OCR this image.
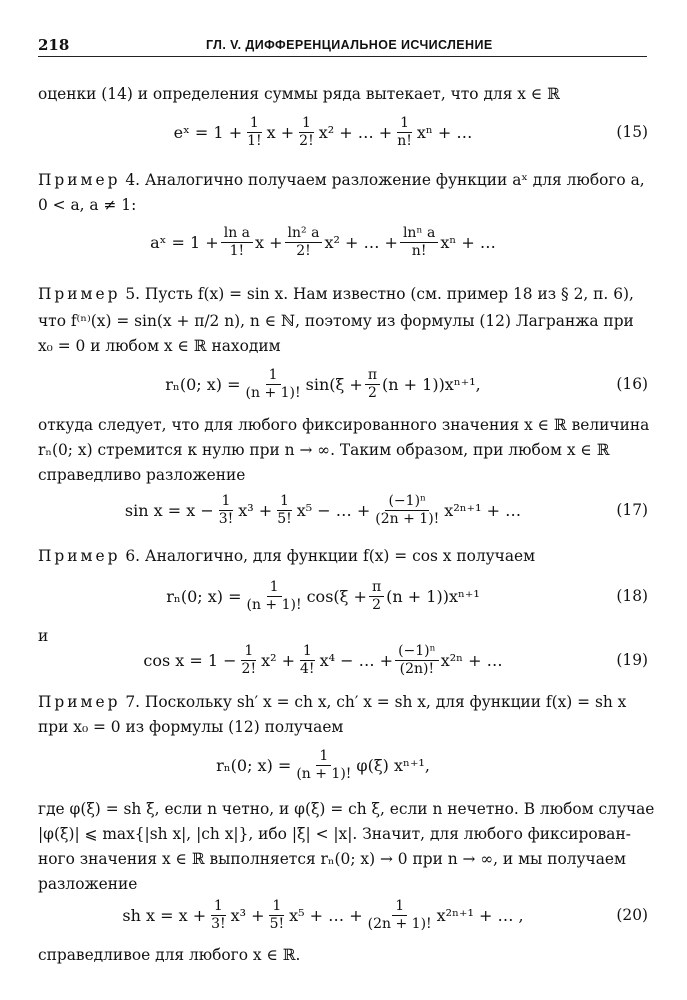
218	ГЛ. V. ДИФФЕРЕНЦИАЛЬНОЕ ИСЧИСЛЕНИЕ

оценки (14) и определения суммы ряда вытекает, что для x ∈ ℝ

eˣ = $1 + \frac{1}{1!}$ $x + \frac{1}{2!} x^2$ + … + $\frac{1}{n!}$ xⁿ + …	(15)

Пример 4. Аналогично получаем разложение функции aˣ для любого a,

0 < a, a ≠ 1:

aˣ = $1 + \frac{\text{ln a}}{1!}$ $x + \frac{\text{ln² a}}{2!} x^2$ + … + $\frac{\text{lnⁿ a}}{n!}$ xⁿ + …

Пример 5. Пусть f(x) = sin x. Нам известно (см. пример 18 из § 2, п. 6),

что f⁽ⁿ⁾(x) = sin(x + π/2 n), n ∈ ℕ, поэтому из формулы (12) Лагранжа при

x₀ = 0 и любом x ∈ ℝ находим

rₙ(0; $x) = \frac{1}{(n + 1)!} \sin(\xi + \frac{\pi}{2} (n + 1))x^{n+1}$,	(16)

откуда следует, что для любого фиксированного значения x ∈ ℝ величина

rₙ(0; x) стремится к нулю при n → ∞. Таким образом, при любом x ∈ ℝ

справедливо разложение

$\sin x = x - \frac{1}{3!} x^3 + \frac{1}{5!} x^5$ − … + $\frac{\text{(−1)ⁿ}}{(2n + 1)!} x^{2n+1}$ + …	(17)

Пример 6. Аналогично, для функции f(x) = cos x получаем

rₙ(0; $x) = \frac{1}{(n + 1)!} \cos(\xi + \frac{\pi}{2} (n + 1))x^{n+1}$	(18)

и

$\cos x = 1 - \frac{1}{2!} x^2 + \frac{1}{4!} x^4$ − … + $\frac{\text{(−1)ⁿ}}{(2n)!} x^{2n}$ + …	(19)

Пример 7. Поскольку sh′ x = ch x, ch′ x = sh x, для функции f(x) = sh x

при x₀ = 0 из формулы (12) получаем

rₙ(0; $x) = \frac{1}{(n + 1)!} \varphi(\xi)$ xⁿ⁺¹,

где φ(ξ) = sh ξ, если n четно, и φ(ξ) = ch ξ, если n нечетно. В любом случае

|φ(ξ)| ⩽ max{|sh x|, |ch x|}, ибо |ξ| < |x|. Значит, для любого фиксирован-

ного значения x ∈ ℝ выполняется rₙ(0; x) → 0 при n → ∞, и мы получаем

разложение

sh $x = x + \frac{1}{3!} x^3 + \frac{1}{5!} x^5$ + … + $\frac{1}{(2n + 1)!} x^{2n+1}$ + … ,	(20)

справедливое для любого x ∈ ℝ.
